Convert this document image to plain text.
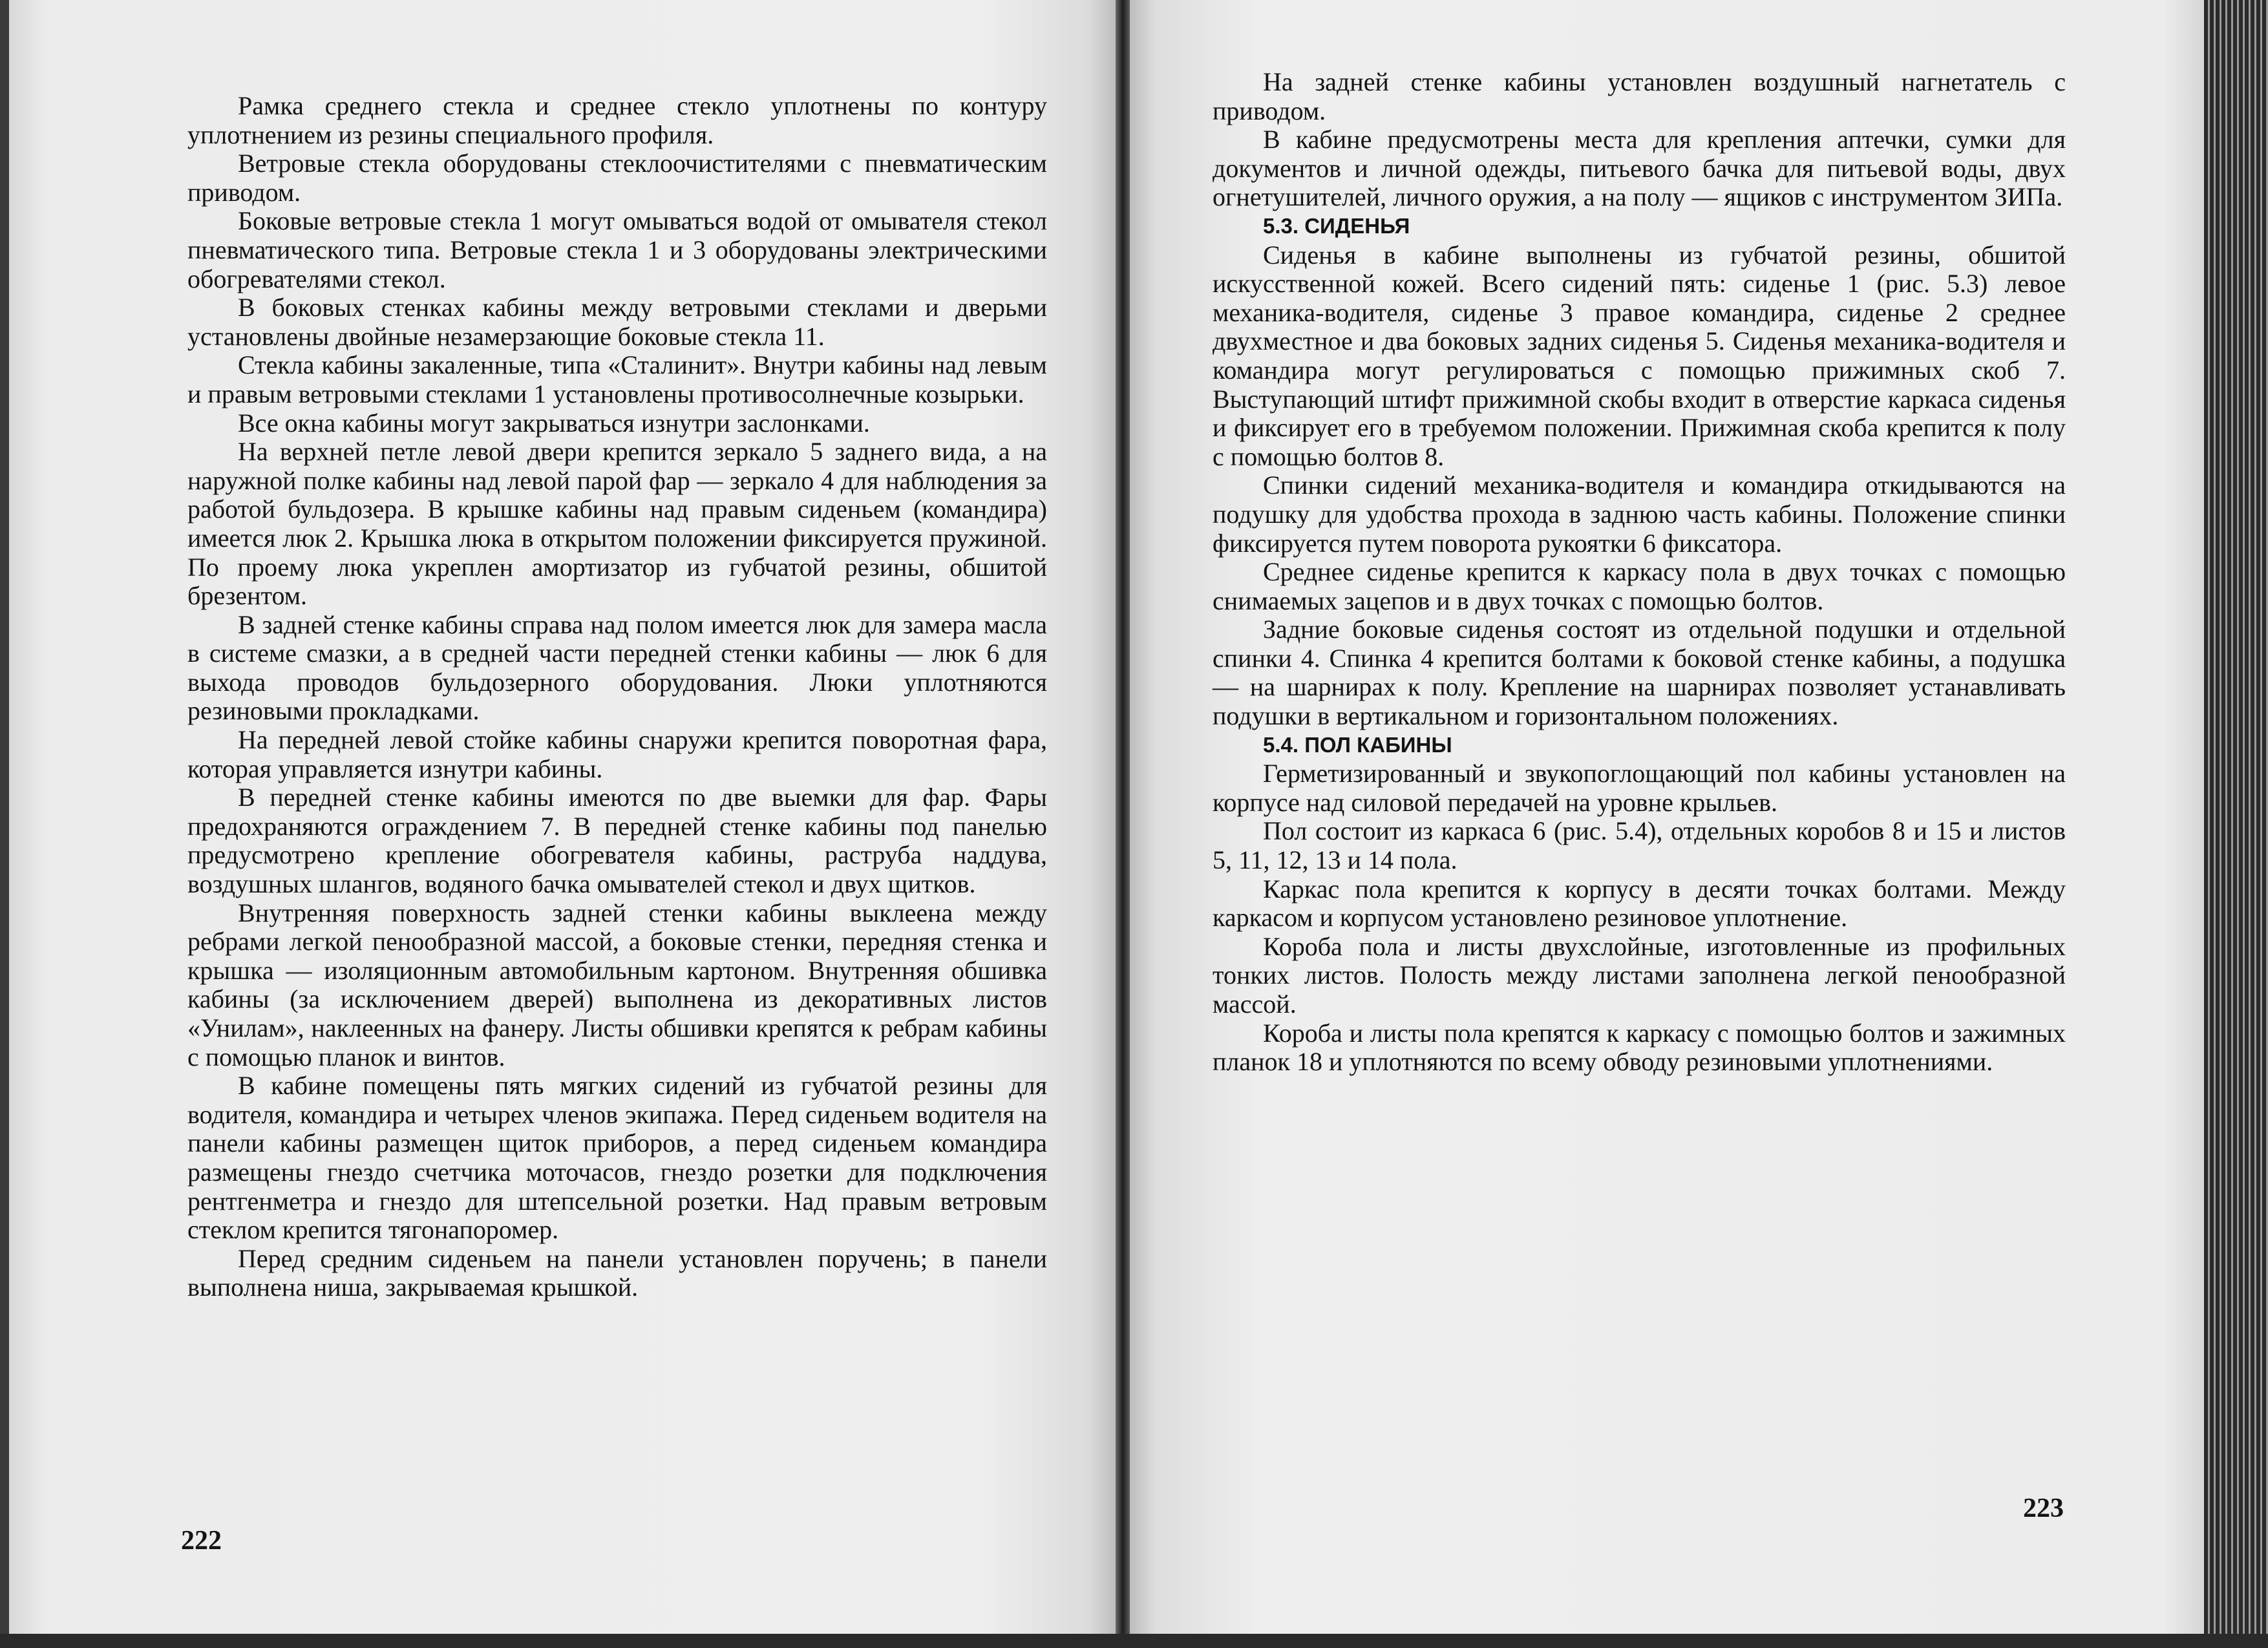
Рамка среднего стекла и среднее стекло уплотнены по контуру уплотнением из резины специального профиля.

Ветровые стекла оборудованы стеклоочистителями с пневматическим приводом.

Боковые ветровые стекла 1 могут омываться водой от омывателя стекол пневматического типа. Ветровые стекла 1 и 3 оборудованы электрическими обогревателями стекол.

В боковых стенках кабины между ветровыми стеклами и дверьми установлены двойные незамерзающие боковые стекла 11.

Стекла кабины закаленные, типа «Сталинит». Внутри кабины над левым и правым ветровыми стеклами 1 установлены противосолнечные козырьки.

Все окна кабины могут закрываться изнутри заслонками.

На верхней петле левой двери крепится зеркало 5 заднего вида, а на наружной полке кабины над левой парой фар — зеркало 4 для наблюдения за работой бульдозера. В крышке кабины над правым сиденьем (командира) имеется люк 2. Крышка люка в открытом положении фиксируется пружиной. По проему люка укреплен амортизатор из губчатой резины, обшитой брезентом.

В задней стенке кабины справа над полом имеется люк для замера масла в системе смазки, а в средней части передней стенки кабины — люк 6 для выхода проводов бульдозерного оборудования. Люки уплотняются резиновыми прокладками.

На передней левой стойке кабины снаружи крепится поворотная фара, которая управляется изнутри кабины.

В передней стенке кабины имеются по две выемки для фар. Фары предохраняются ограждением 7. В передней стенке кабины под панелью предусмотрено крепление обогревателя кабины, раструба наддува, воздушных шлангов, водяного бачка омывателей стекол и двух щитков.

Внутренняя поверхность задней стенки кабины выклеена между ребрами легкой пенообразной массой, а боковые стенки, передняя стенка и крышка — изоляционным автомобильным картоном. Внутренняя обшивка кабины (за исключением дверей) выполнена из декоративных листов «Унилам», наклеенных на фанеру. Листы обшивки крепятся к ребрам кабины с помощью планок и винтов.

В кабине помещены пять мягких сидений из губчатой резины для водителя, командира и четырех членов экипажа. Перед сиденьем водителя на панели кабины размещен щиток приборов, а перед сиденьем командира размещены гнездо счетчика моточасов, гнездо розетки для подключения рентгенметра и гнездо для штепсельной розетки. Над правым ветровым стеклом крепится тягонапоромер.

Перед средним сиденьем на панели установлен поручень; в панели выполнена ниша, закрываемая крышкой.

222

На задней стенке кабины установлен воздушный нагнетатель с приводом.

В кабине предусмотрены места для крепления аптечки, сумки для документов и личной одежды, питьевого бачка для питьевой воды, двух огнетушителей, личного оружия, а на полу — ящиков с инструментом ЗИПа.

5.3. СИДЕНЬЯ

Сиденья в кабине выполнены из губчатой резины, обшитой искусственной кожей. Всего сидений пять: сиденье 1 (рис. 5.3) левое механика-водителя, сиденье 3 правое командира, сиденье 2 среднее двухместное и два боковых задних сиденья 5. Сиденья механика-водителя и командира могут регулироваться с помощью прижимных скоб 7. Выступающий штифт прижимной скобы входит в отверстие каркаса сиденья и фиксирует его в требуемом положении. Прижимная скоба крепится к полу с помощью болтов 8.

Спинки сидений механика-водителя и командира откидываются на подушку для удобства прохода в заднюю часть кабины. Положение спинки фиксируется путем поворота рукоятки 6 фиксатора.

Среднее сиденье крепится к каркасу пола в двух точках с помощью снимаемых зацепов и в двух точках с помощью болтов.

Задние боковые сиденья состоят из отдельной подушки и отдельной спинки 4. Спинка 4 крепится болтами к боковой стенке кабины, а подушка — на шарнирах к полу. Крепление на шарнирах позволяет устанавливать подушки в вертикальном и горизонтальном положениях.

5.4. ПОЛ КАБИНЫ

Герметизированный и звукопоглощающий пол кабины установлен на корпусе над силовой передачей на уровне крыльев.

Пол состоит из каркаса 6 (рис. 5.4), отдельных коробов 8 и 15 и листов 5, 11, 12, 13 и 14 пола.

Каркас пола крепится к корпусу в десяти точках болтами. Между каркасом и корпусом установлено резиновое уплотнение.

Короба пола и листы двухслойные, изготовленные из профильных тонких листов. Полость между листами заполнена легкой пенообразной массой.

Короба и листы пола крепятся к каркасу с помощью болтов и зажимных планок 18 и уплотняются по всему обводу резиновыми уплотнениями.

223
